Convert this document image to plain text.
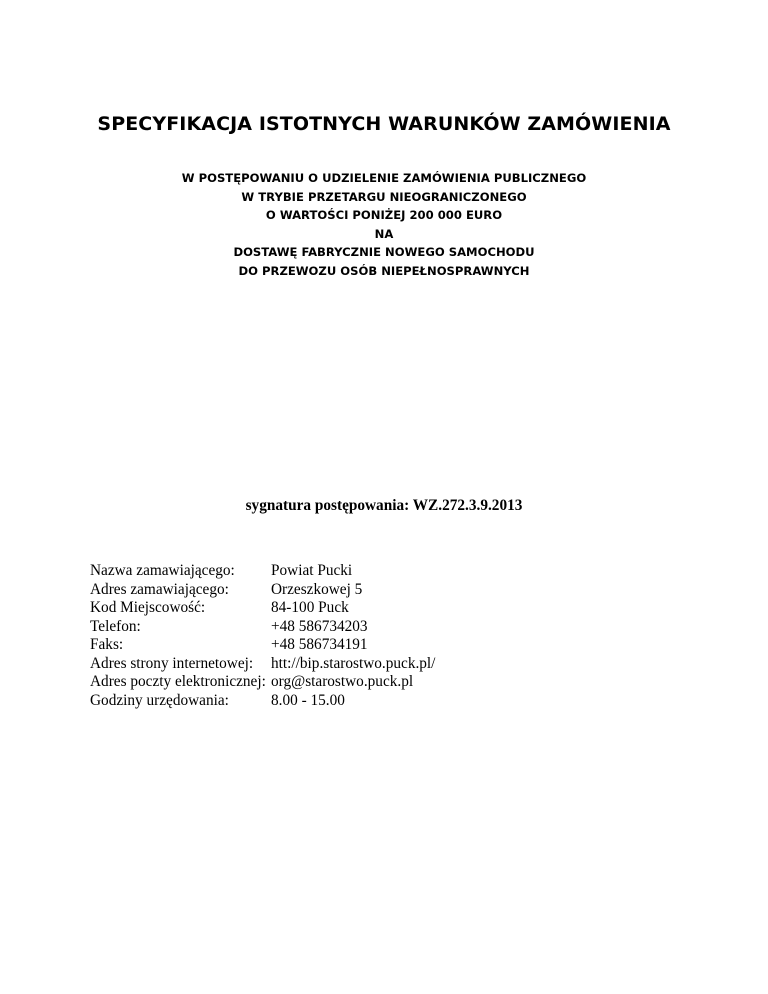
SPECYFIKACJA ISTOTNYCH WARUNKÓW ZAMÓWIENIA
W POSTĘPOWANIU O UDZIELENIE ZAMÓWIENIA PUBLICZNEGO
W TRYBIE PRZETARGU NIEOGRANICZONEGO
O WARTOŚCI PONIŻEJ 200 000 EURO
NA
DOSTAWĘ FABRYCZNIE NOWEGO SAMOCHODU
DO PRZEWOZU OSÓB NIEPEŁNOSPRAWNYCH
sygnatura postępowania: WZ.272.3.9.2013
Nazwa zamawiającego:	Powiat Pucki
Adres zamawiającego:	Orzeszkowej 5
Kod Miejscowość:	84-100 Puck
Telefon:	+48 586734203
Faks:	+48 586734191
Adres strony internetowej:	htt://bip.starostwo.puck.pl/
Adres poczty elektronicznej:	org@starostwo.puck.pl
Godziny urzędowania:	8.00 - 15.00
